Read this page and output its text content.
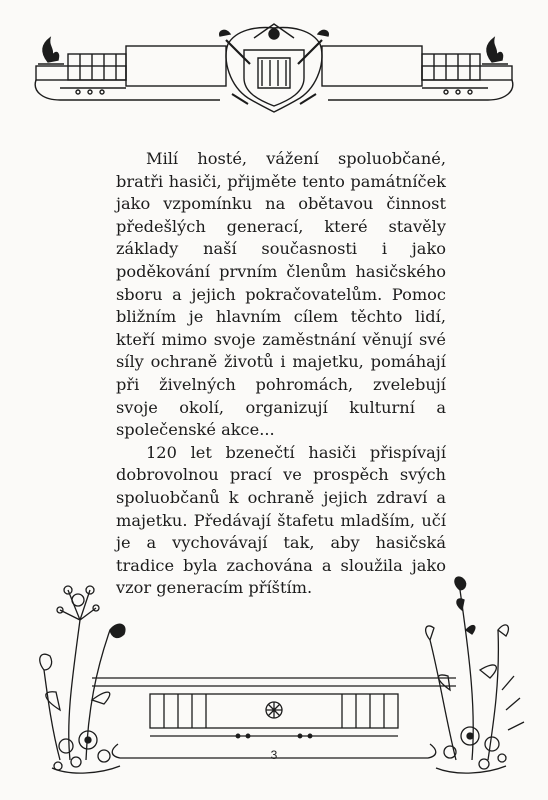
Milí hosté, vážení spoluobčané, bratři hasiči, přijměte tento památníček jako vzpomínku na obětavou činnost předešlých generací, které stavěly základy naší současnosti i jako poděkování prvním členům hasičského sboru a jejich pokračovatelům. Pomoc bližním je hlavním cílem těchto lidí, kteří mimo svoje zaměstnání věnují své síly ochraně životů i majetku, pomáhají při živelných pohromách, zvelebují svoje okolí, organizují kulturní a společenské akce...

120 let bzenečtí hasiči přispívají dobrovolnou prací ve prospěch svých spoluobčanů k ochraně jejich zdraví a majetku. Předávají štafetu mladším, učí je a vychovávají tak, aby hasičská tradice byla zachována a sloužila jako vzor generacím příštím.

3
